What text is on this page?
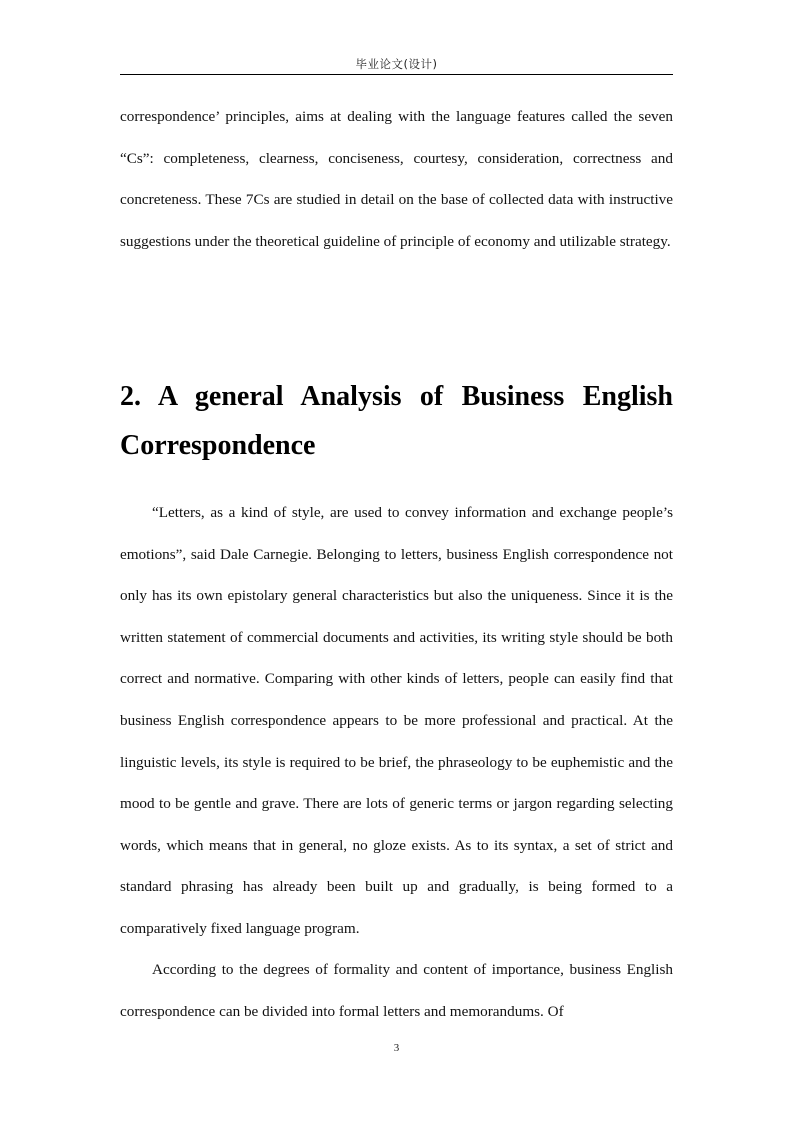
毕业论文(设计)

correspondence’ principles, aims at dealing with the language features called the seven “Cs”: completeness, clearness, conciseness, courtesy, consideration, correctness and concreteness. These 7Cs are studied in detail on the base of collected data with instructive suggestions under the theoretical guideline of principle of economy and utilizable strategy.

2. A general Analysis of Business English Correspondence

“Letters, as a kind of style, are used to convey information and exchange people’s emotions”, said Dale Carnegie. Belonging to letters, business English correspondence not only has its own epistolary general characteristics but also the uniqueness. Since it is the written statement of commercial documents and activities, its writing style should be both correct and normative. Comparing with other kinds of letters, people can easily find that business English correspondence appears to be more professional and practical. At the linguistic levels, its style is required to be brief, the phraseology to be euphemistic and the mood to be gentle and grave. There are lots of generic terms or jargon regarding selecting words, which means that in general, no gloze exists. As to its syntax, a set of strict and standard phrasing has already been built up and gradually, is being formed to a comparatively fixed language program.

According to the degrees of formality and content of importance, business English correspondence can be divided into formal letters and memorandums. Of

3
